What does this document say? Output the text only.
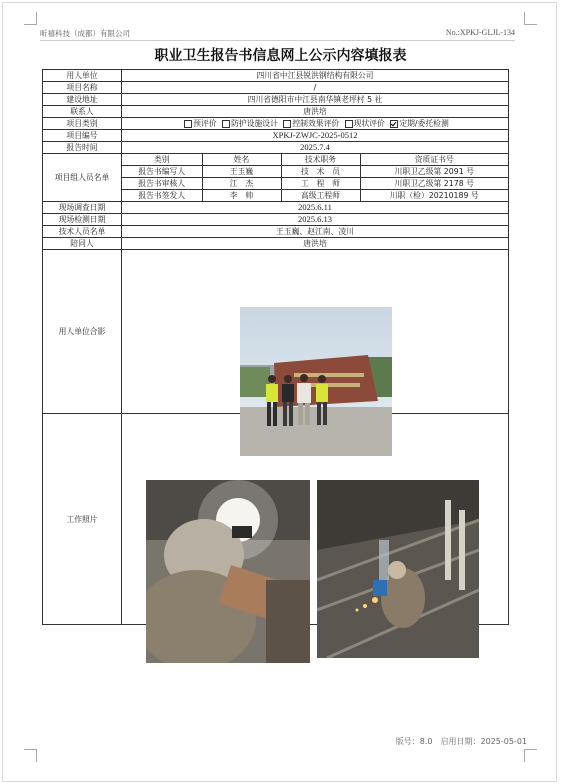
昕禧科技（成都）有限公司	No.:XPKJ-GLJL-134
职业卫生报告书信息网上公示内容填报表
用人单位	四川省中江县锐洪钢结构有限公司
项目名称	/
建设地址	四川省德阳市中江县南华镇老坪村 5 社
联系人	唐洪培
项目类别	预评价 防护设施设计 控制效果评价 现状评价 定期/委托检测
项目编号	XPKJ-ZWJC-2025-0512
报告时间	2025.7.4
项目组人员名单	
类别	姓名	技术职务	资质证书号
报告书编写人	王玉巍	技　术　员	川职卫乙级第 2091 号
报告书审核人	江　杰	工　程　师	川职卫乙级第 2178 号
报告书签发人	李　帅	高级工程师	川职（检）20210189 号

现场调查日期	2025.6.11
现场检测日期	2025.6.13
技术人员名单	王玉巍、赵江南、凌川
陪同人	唐洪培
用人单位合影	
工作照片	
版号：8.0　启用日期：2025-05-01
